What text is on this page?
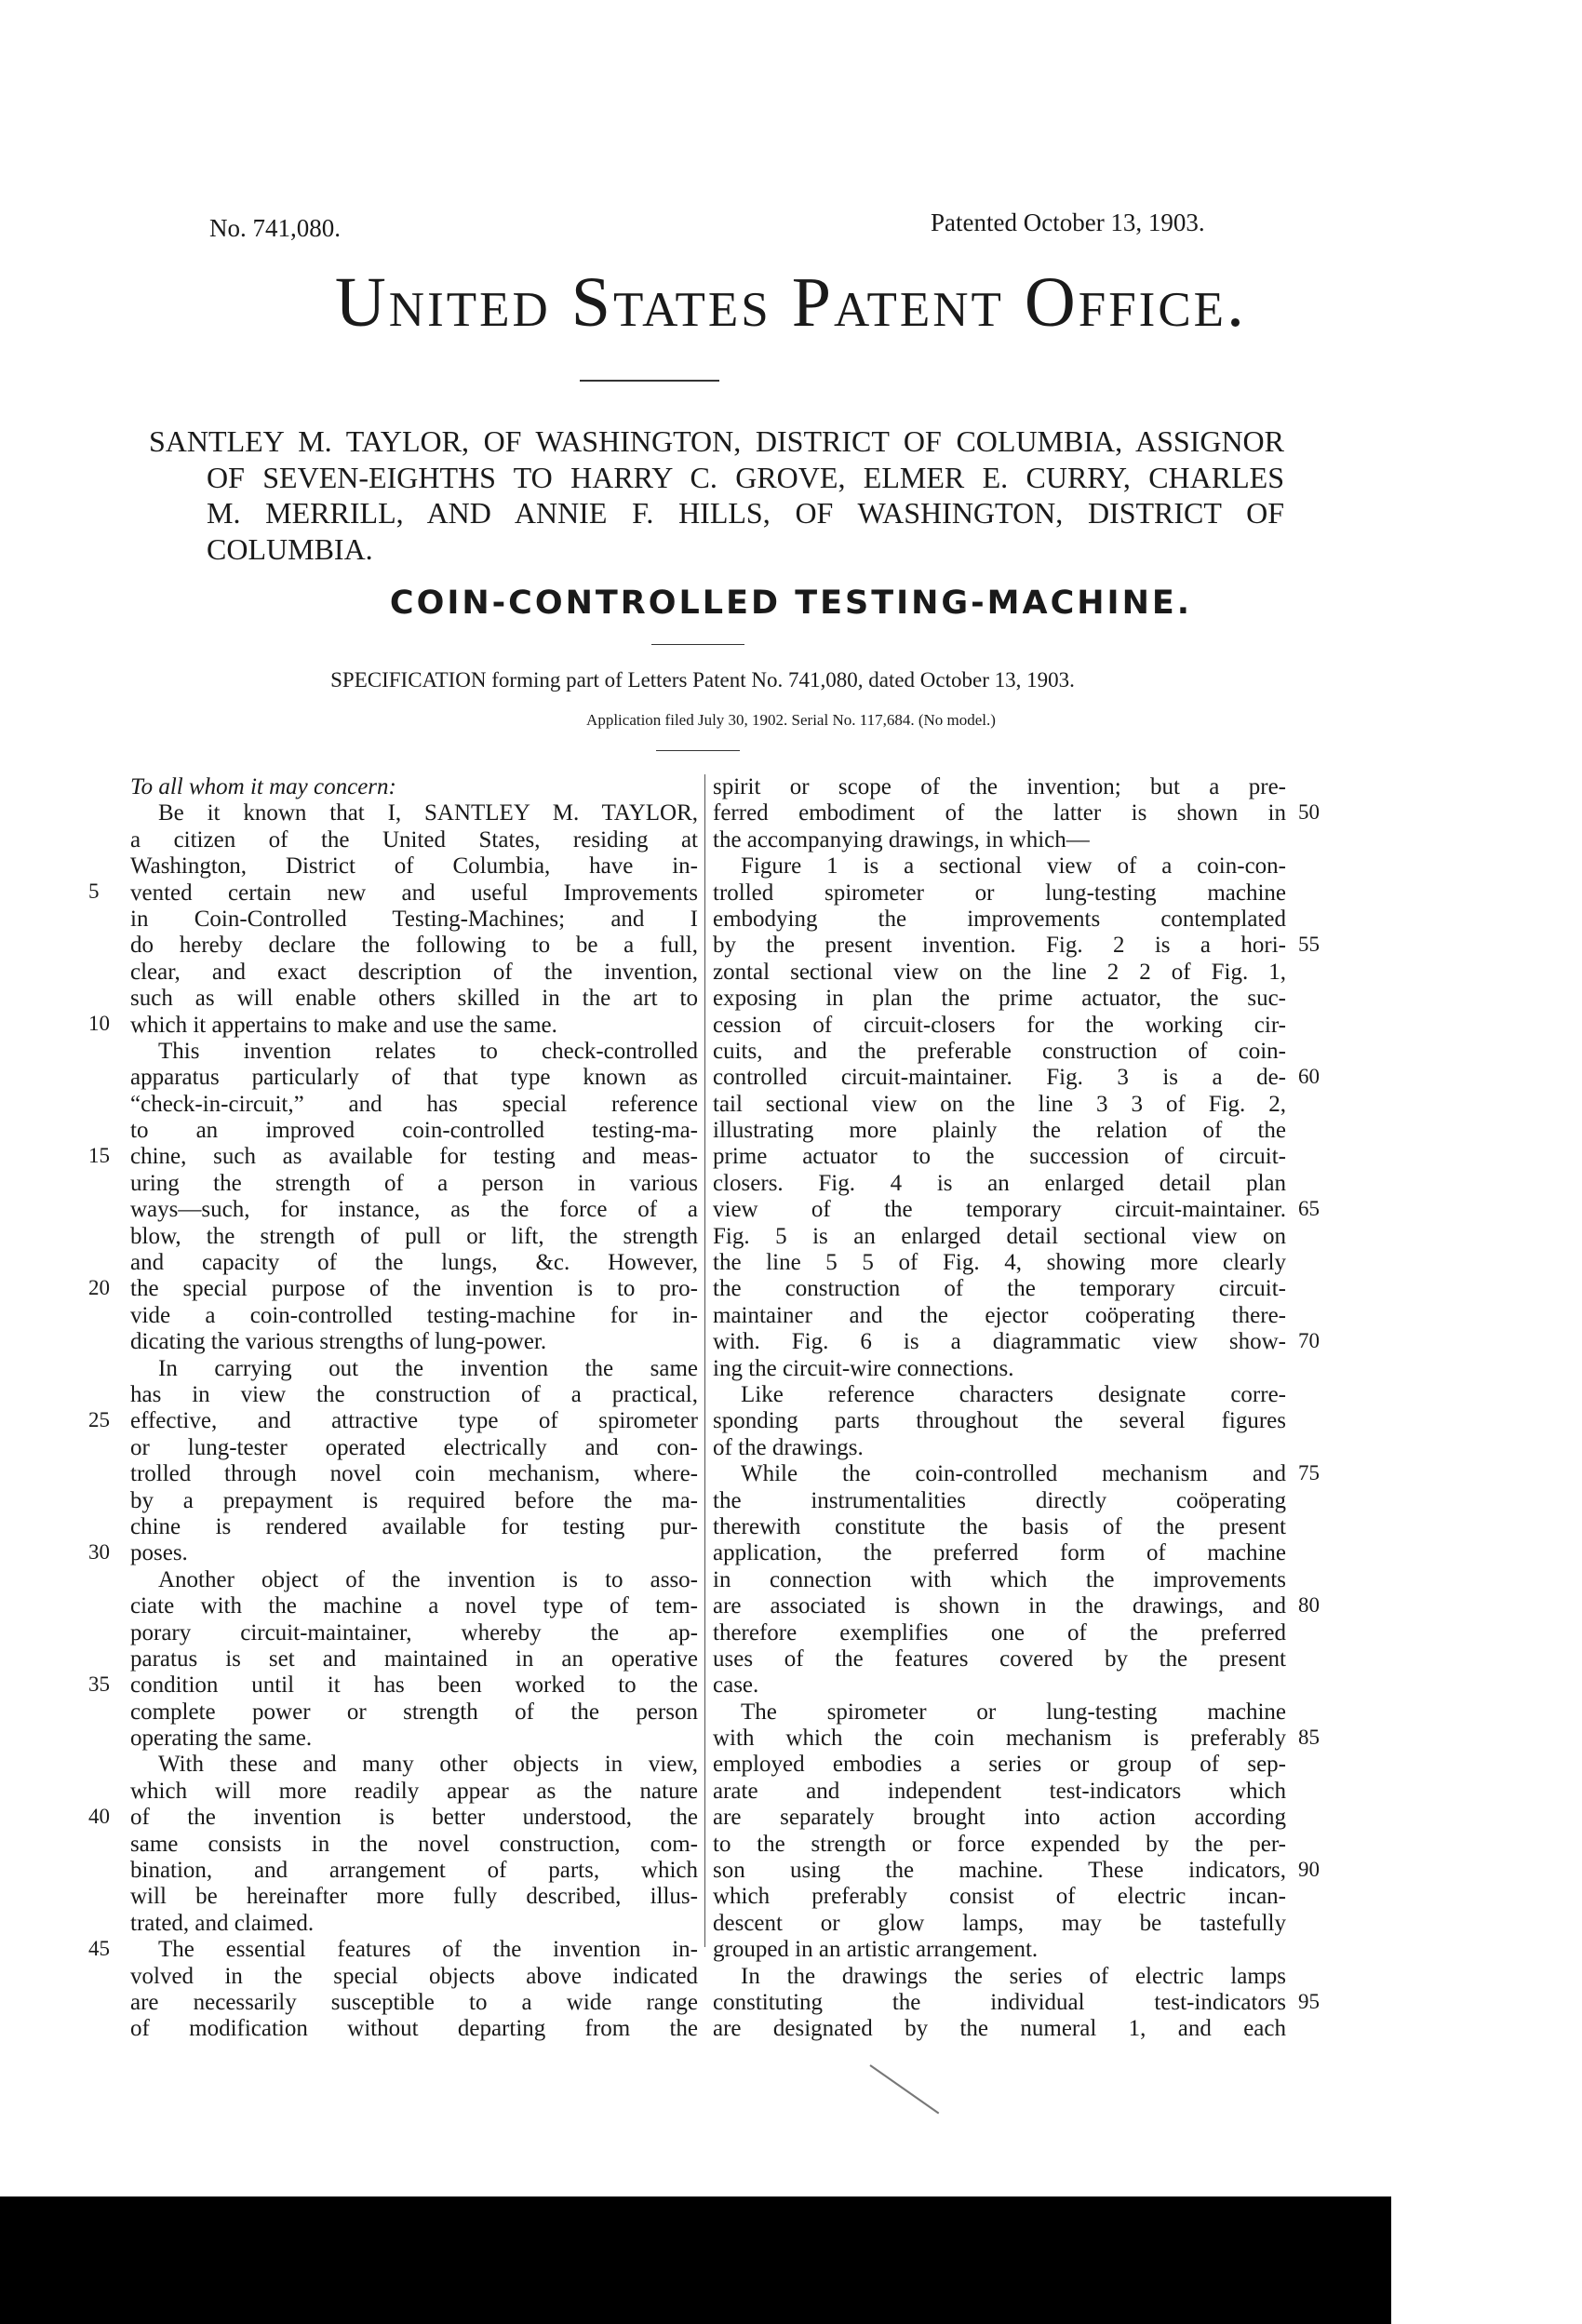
No. 741,080.	Patented October 13, 1903.
United States Patent Office.
SANTLEY M. TAYLOR, OF WASHINGTON, DISTRICT OF COLUMBIA, ASSIGNOR
OF SEVEN-EIGHTHS TO HARRY C. GROVE, ELMER E. CURRY, CHARLES
M. MERRILL, AND ANNIE F. HILLS, OF WASHINGTON, DISTRICT OF
COLUMBIA.
COIN-CONTROLLED TESTING-MACHINE.
SPECIFICATION forming part of Letters Patent No. 741,080, dated October 13, 1903.
Application filed July 30, 1902. Serial No. 117,684. (No model.)
To all whom it may concern:
Be it known that I, SANTLEY M. TAYLOR,
a citizen of the United States, residing at
Washington, District of Columbia, have in-
vented certain new and useful Improvements
in Coin-Controlled Testing-Machines; and I
do hereby declare the following to be a full,
clear, and exact description of the invention,
such as will enable others skilled in the art to
which it appertains to make and use the same.
This invention relates to check-controlled
apparatus particularly of that type known as
“check-in-circuit,” and has special reference
to an improved coin-controlled testing-ma-
chine, such as available for testing and meas-
uring the strength of a person in various
ways—such, for instance, as the force of a
blow, the strength of pull or lift, the strength
and capacity of the lungs, &c. However,
the special purpose of the invention is to pro-
vide a coin-controlled testing-machine for in-
dicating the various strengths of lung-power.
In carrying out the invention the same
has in view the construction of a practical,
effective, and attractive type of spirometer
or lung-tester operated electrically and con-
trolled through novel coin mechanism, where-
by a prepayment is required before the ma-
chine is rendered available for testing pur-
poses.
Another object of the invention is to asso-
ciate with the machine a novel type of tem-
porary circuit-maintainer, whereby the ap-
paratus is set and maintained in an operative
condition until it has been worked to the
complete power or strength of the person
operating the same.
With these and many other objects in view,
which will more readily appear as the nature
of the invention is better understood, the
same consists in the novel construction, com-
bination, and arrangement of parts, which
will be hereinafter more fully described, illus-
trated, and claimed.
The essential features of the invention in-
volved in the special objects above indicated
are necessarily susceptible to a wide range
of modification without departing from the
spirit or scope of the invention; but a pre-
ferred embodiment of the latter is shown in
the accompanying drawings, in which—
Figure 1 is a sectional view of a coin-con-
trolled spirometer or lung-testing machine
embodying the improvements contemplated
by the present invention. Fig. 2 is a hori-
zontal sectional view on the line 2 2 of Fig. 1,
exposing in plan the prime actuator, the suc-
cession of circuit-closers for the working cir-
cuits, and the preferable construction of coin-
controlled circuit-maintainer. Fig. 3 is a de-
tail sectional view on the line 3 3 of Fig. 2,
illustrating more plainly the relation of the
prime actuator to the succession of circuit-
closers. Fig. 4 is an enlarged detail plan
view of the temporary circuit-maintainer.
Fig. 5 is an enlarged detail sectional view on
the line 5 5 of Fig. 4, showing more clearly
the construction of the temporary circuit-
maintainer and the ejector coöperating there-
with. Fig. 6 is a diagrammatic view show-
ing the circuit-wire connections.
Like reference characters designate corre-
sponding parts throughout the several figures
of the drawings.
While the coin-controlled mechanism and
the instrumentalities directly coöperating
therewith constitute the basis of the present
application, the preferred form of machine
in connection with which the improvements
are associated is shown in the drawings, and
therefore exemplifies one of the preferred
uses of the features covered by the present
case.
The spirometer or lung-testing machine
with which the coin mechanism is preferably
employed embodies a series or group of sep-
arate and independent test-indicators which
are separately brought into action according
to the strength or force expended by the per-
son using the machine. These indicators,
which preferably consist of electric incan-
descent or glow lamps, may be tastefully
grouped in an artistic arrangement.
In the drawings the series of electric lamps
constituting the individual test-indicators
are designated by the numeral 1, and each
5
10
15
20
25
30
35
40
45
50
55
60
65
70
75
80
85
90
95
